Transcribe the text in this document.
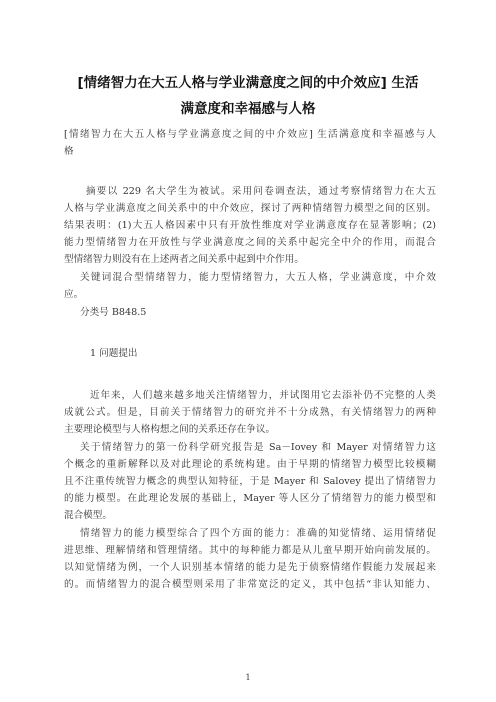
[情绪智力在大五人格与学业满意度之间的中介效应] 生活
满意度和幸福感与人格
[情绪智力在大五人格与学业满意度之间的中介效应] 生活满意度和幸福感与人
格
摘要以 229 名大学生为被试。采用问卷调查法，通过考察情绪智力在大五
人格与学业满意度之间关系中的中介效应，探讨了两种情绪智力模型之间的区别。
结果表明：(1)大五人格因素中只有开放性维度对学业满意度存在显著影响；(2)
能力型情绪智力在开放性与学业满意度之间的关系中起完全中介的作用，而混合
型情绪智力则没有在上述两者之间关系中起到中介作用。
关键词混合型情绪智力，能力型情绪智力，大五人格，学业满意度，中介效
应。
分类号 B848.5
1 问题提出
近年来，人们越来越多地关注情绪智力，并试图用它去添补仍不完整的人类
成就公式。但是，目前关于情绪智力的研究并不十分成熟，有关情绪智力的两种
主要理论模型与人格构想之间的关系还存在争议。
关于情绪智力的第一份科学研究报告是 Sa－Iovey 和 Mayer 对情绪智力这
个概念的重新解释以及对此理论的系统构建。由于早期的情绪智力模型比较模糊
且不注重传统智力概念的典型认知特征，于是 Mayer 和 Salovey 提出了情绪智力
的能力模型。在此理论发展的基础上，Mayer 等人区分了情绪智力的能力模型和
混合模型。
情绪智力的能力模型综合了四个方面的能力：准确的知觉情绪、运用情绪促
进思维、理解情绪和管理情绪。其中的每种能力都是从儿童早期开始向前发展的。
以知觉情绪为例，一个人识别基本情绪的能力是先于侦察情绪作假能力发展起来
的。而情绪智力的混合模型则采用了非常宽泛的定义，其中包括“非认知能力、
1
